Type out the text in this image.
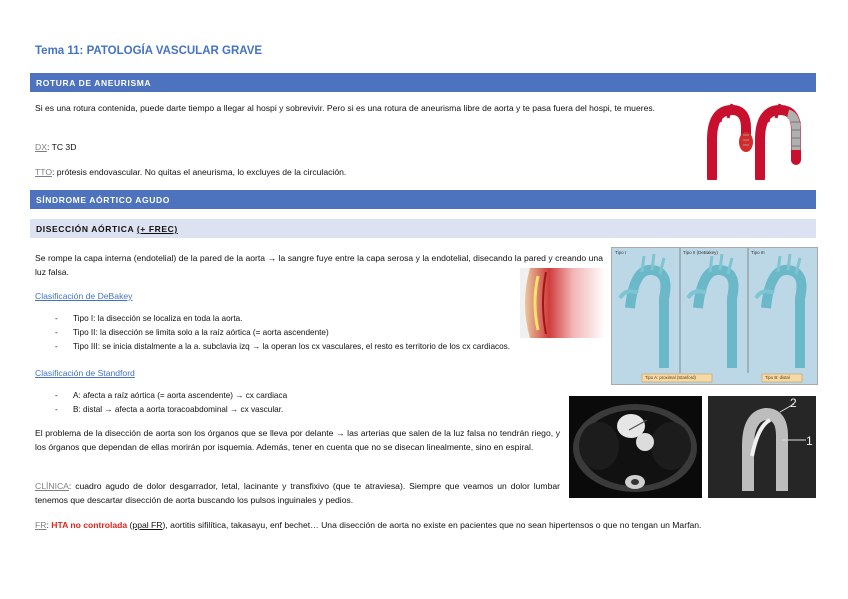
Tema 11: PATOLOGÍA VASCULAR GRAVE
ROTURA DE ANEURISMA
Si es una rotura contenida, puede darte tiempo a llegar al hospi y sobrevivir. Pero si es una rotura de aneurisma libre de aorta y te pasa fuera del hospi, te mueres.
DX: TC 3D
TTO: prótesis endovascular. No quitas el aneurisma, lo excluyes de la circulación.
SÍNDROME AÓRTICO AGUDO
DISECCIÓN AÓRTICA (+ FREC)
Se rompe la capa interna (endotelial) de la pared de la aorta → la sangre fuye entre la capa serosa y la endotelial, disecando la pared y creando una luz falsa.
Clasificación de DeBakey
- Tipo I: la disección se localiza en toda la aorta.
- Tipo II: la disección se limita solo a la raíz aórtica (= aorta ascendente)
- Tipo III: se inicia distalmente a la a. subclavia izq → la operan los cx vasculares, el resto es territorio de los cx cardiacos.
Clasificación de Standford
- A: afecta a raíz aórtica (= aorta ascendente) → cx cardiaca
- B: distal → afecta a aorta toracoabdominal → cx vascular.
El problema de la disección de aorta son los órganos que se lleva por delante → las arterias que salen de la luz falsa no tendrán riego, y los órganos que dependan de ellas morirán por isquemia. Además, tener en cuenta que no se disecan linealmente, sino en espiral.
CLÍNICA: cuadro agudo de dolor desgarrador, letal, lacinante y transfixivo (que te atraviesa). Siempre que veamos un dolor lumbar tenemos que descartar disección de aorta buscando los pulsos inguinales y pedios.
FR: HTA no controlada (ppal FR), aortitis sifilítica, takasayu, enf bechet… Una disección de aorta no existe en pacientes que no sean hipertensos o que no tengan un Marfan.
Tipo I	Tipo II (DeBakey)	Tipo III
Tipo A: proximal (Stanford)	Tipo B: distal
2
1
